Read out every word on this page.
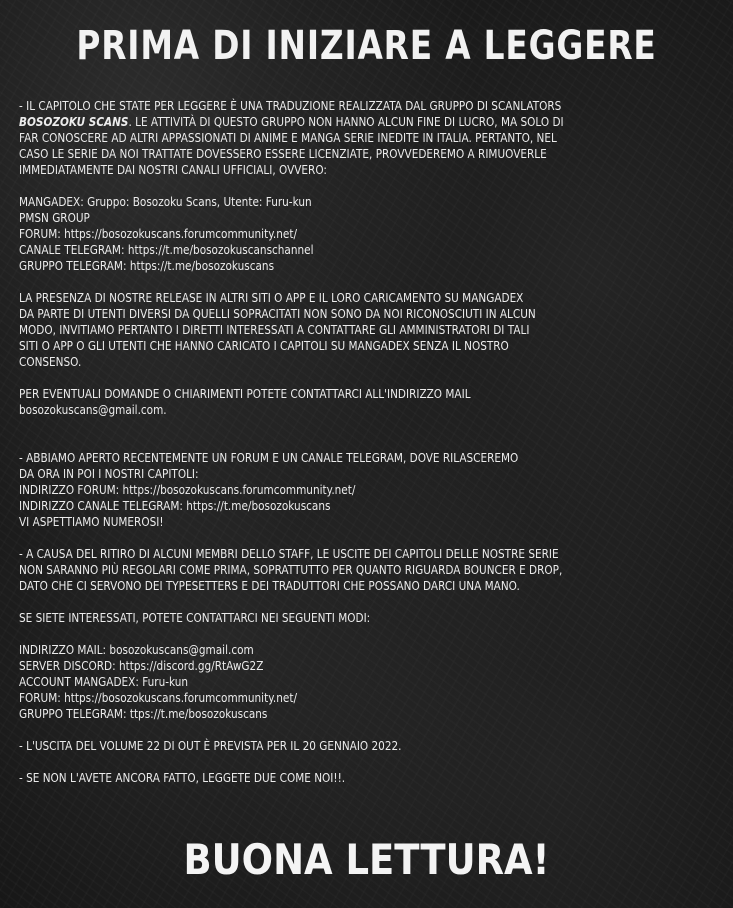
PRIMA DI INIZIARE A LEGGERE
- IL CAPITOLO CHE STATE PER LEGGERE È UNA TRADUZIONE REALIZZATA DAL GRUPPO DI SCANLATORS
BOSOZOKU SCANS. LE ATTIVITÀ DI QUESTO GRUPPO NON HANNO ALCUN FINE DI LUCRO, MA SOLO DI
FAR CONOSCERE AD ALTRI APPASSIONATI DI ANIME E MANGA SERIE INEDITE IN ITALIA. PERTANTO, NEL
CASO LE SERIE DA NOI TRATTATE DOVESSERO ESSERE LICENZIATE, PROVVEDEREMO A RIMUOVERLE
IMMEDIATAMENTE DAI NOSTRI CANALI UFFICIALI, OVVERO:
MANGADEX: Gruppo: Bosozoku Scans, Utente: Furu-kun
PMSN GROUP
FORUM: https://bosozokuscans.forumcommunity.net/
CANALE TELEGRAM: https://t.me/bosozokuscanschannel
GRUPPO TELEGRAM: https://t.me/bosozokuscans
LA PRESENZA DI NOSTRE RELEASE IN ALTRI SITI O APP E IL LORO CARICAMENTO SU MANGADEX
DA PARTE DI UTENTI DIVERSI DA QUELLI SOPRACITATI NON SONO DA NOI RICONOSCIUTI IN ALCUN
MODO, INVITIAMO PERTANTO I DIRETTI INTERESSATI A CONTATTARE GLI AMMINISTRATORI DI TALI
SITI O APP O GLI UTENTI CHE HANNO CARICATO I CAPITOLI SU MANGADEX SENZA IL NOSTRO
CONSENSO.
PER EVENTUALI DOMANDE O CHIARIMENTI POTETE CONTATTARCI ALL'INDIRIZZO MAIL
bosozokuscans@gmail.com.
- ABBIAMO APERTO RECENTEMENTE UN FORUM E UN CANALE TELEGRAM, DOVE RILASCEREMO
DA ORA IN POI I NOSTRI CAPITOLI:
INDIRIZZO FORUM: https://bosozokuscans.forumcommunity.net/
INDIRIZZO CANALE TELEGRAM: https://t.me/bosozokuscans
VI ASPETTIAMO NUMEROSI!
- A CAUSA DEL RITIRO DI ALCUNI MEMBRI DELLO STAFF, LE USCITE DEI CAPITOLI DELLE NOSTRE SERIE
NON SARANNO PIÙ REGOLARI COME PRIMA, SOPRATTUTTO PER QUANTO RIGUARDA BOUNCER E DROP,
DATO CHE CI SERVONO DEI TYPESETTERS E DEI TRADUTTORI CHE POSSANO DARCI UNA MANO.
SE SIETE INTERESSATI, POTETE CONTATTARCI NEI SEGUENTI MODI:
INDIRIZZO MAIL: bosozokuscans@gmail.com
SERVER DISCORD: https://discord.gg/RtAwG2Z
ACCOUNT MANGADEX: Furu-kun
FORUM: https://bosozokuscans.forumcommunity.net/
GRUPPO TELEGRAM: ttps://t.me/bosozokuscans
- L'USCITA DEL VOLUME 22 DI OUT È PREVISTA PER IL 20 GENNAIO 2022.
- SE NON L'AVETE ANCORA FATTO, LEGGETE DUE COME NOI!!.
BUONA LETTURA!
